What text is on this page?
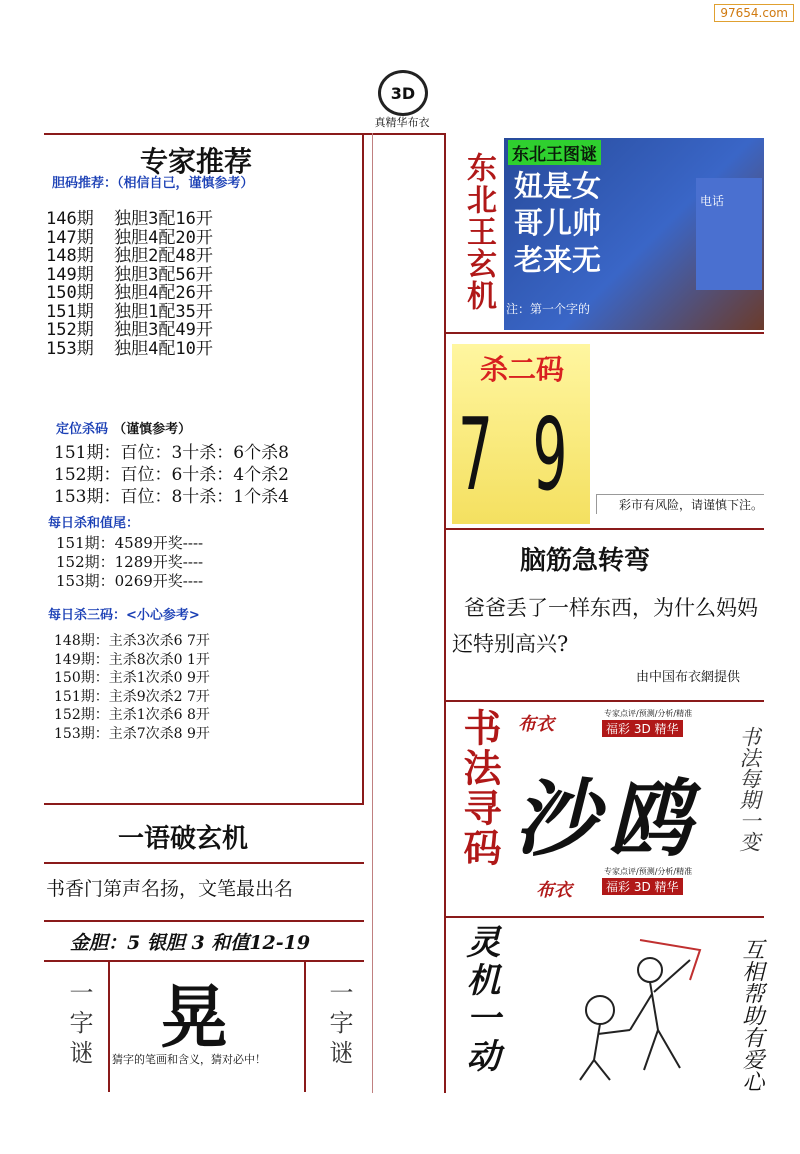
97654.com
3D
真精华布衣
专家推荐
胆码推荐：（相信自己，谨慎参考）
146期  独胆3配16开
147期  独胆4配20开
148期  独胆2配48开
149期  独胆3配56开
150期  独胆4配26开
151期  独胆1配35开
152期  独胆3配49开
153期  独胆4配10开
定位杀码 （谨慎参考）
151期：百位：3十杀：6个杀8
152期：百位：6十杀：4个杀2
153期：百位：8十杀：1个杀4
每日杀和值尾：
151期：4589开奖----
152期：1289开奖----
153期：0269开奖----
每日杀三码：<小心参考>
148期：主杀3次杀6 7开
149期：主杀8次杀0 1开
150期：主杀1次杀0 9开
151期：主杀9次杀2 7开
152期：主杀1次杀6 8开
153期：主杀7次杀8 9开
一语破玄机
书香门第声名扬，文笔最出名
金胆：5 银胆 3 和值12-19
一字谜 晃
猜字的笔画和含义，猜对必中！	一字谜
东北王玄机 东北王图谜
妞是女
哥儿帅
老来无
电话
注：第一个字的
杀二码
7 9	彩市有风险，请谨慎下注。
脑筋急转弯
爸爸丢了一样东西，为什么妈妈还特别高兴?
由中国布衣網提供
书法寻码 布衣
专家点评/预测/分析/精准
福彩 3D 精华
沙鸥
布衣
专家点评/预测/分析/精准
福彩 3D 精华
书法每期一变
灵机一动	互相帮助有爱心
